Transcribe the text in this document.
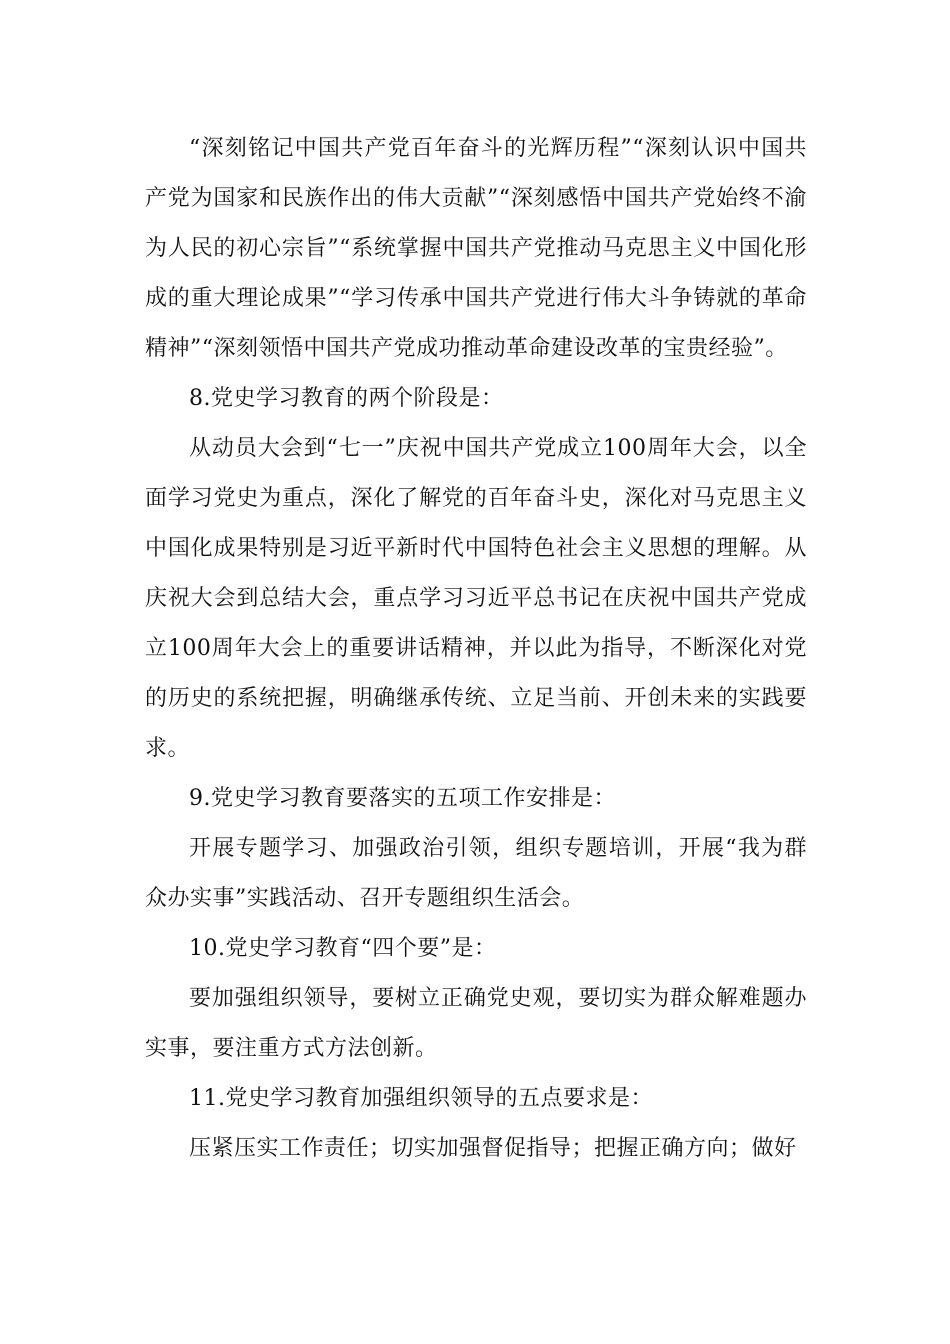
“深刻铭记中国共产党百年奋斗的光辉历程”“深刻认识中国共产党为国家和民族作出的伟大贡献”“深刻感悟中国共产党始终不渝为人民的初心宗旨”“系统掌握中国共产党推动马克思主义中国化形成的重大理论成果”“学习传承中国共产党进行伟大斗争铸就的革命精神”“深刻领悟中国共产党成功推动革命建设改革的宝贵经验”。

8.党史学习教育的两个阶段是：

从动员大会到“七一”庆祝中国共产党成立100周年大会，以全面学习党史为重点，深化了解党的百年奋斗史，深化对马克思主义中国化成果特别是习近平新时代中国特色社会主义思想的理解。从庆祝大会到总结大会，重点学习习近平总书记在庆祝中国共产党成立100周年大会上的重要讲话精神，并以此为指导，不断深化对党的历史的系统把握，明确继承传统、立足当前、开创未来的实践要求。

9.党史学习教育要落实的五项工作安排是：

开展专题学习、加强政治引领，组织专题培训，开展“我为群众办实事”实践活动、召开专题组织生活会。

10.党史学习教育“四个要”是：

要加强组织领导，要树立正确党史观，要切实为群众解难题办实事，要注重方式方法创新。

11.党史学习教育加强组织领导的五点要求是：

压紧压实工作责任；切实加强督促指导；把握正确方向；做好
